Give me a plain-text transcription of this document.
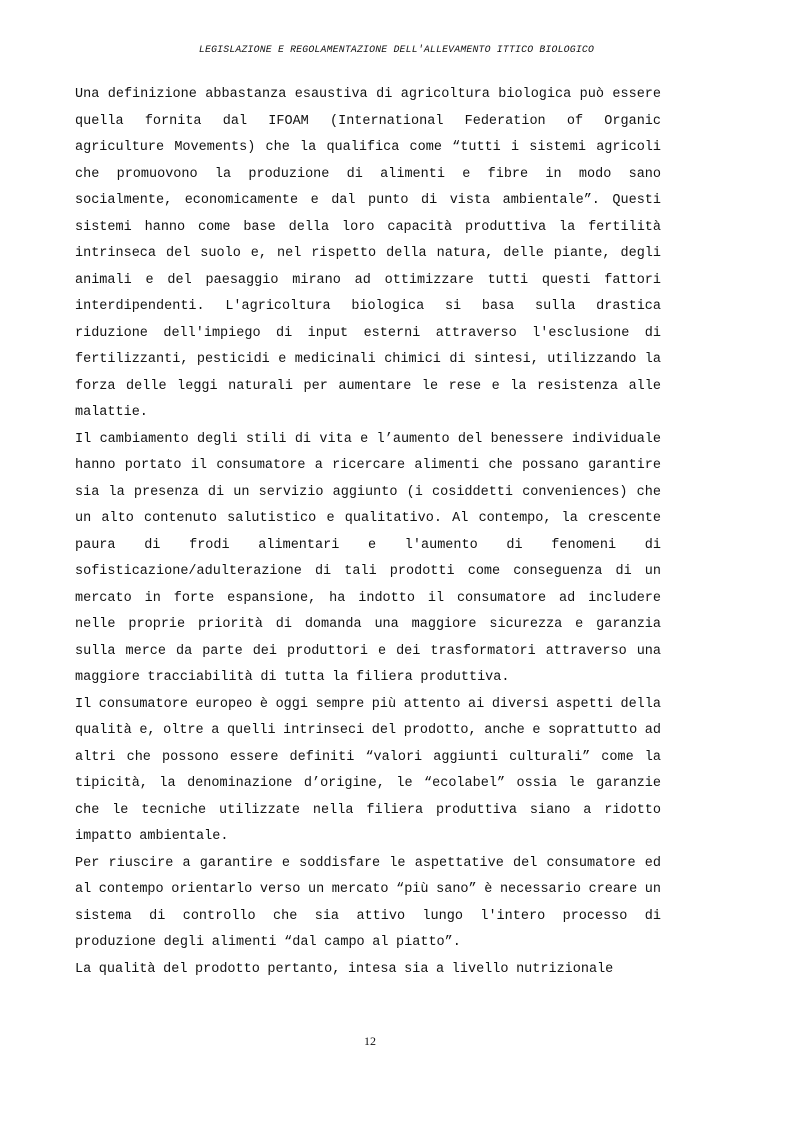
LEGISLAZIONE E REGOLAMENTAZIONE DELL'ALLEVAMENTO ITTICO BIOLOGICO

Una definizione abbastanza esaustiva di agricoltura biologica può essere quella fornita dal IFOAM (International Federation of Organic agriculture Movements) che la qualifica come “tutti i sistemi agricoli che promuovono la produzione di alimenti e fibre in modo sano socialmente, economicamente e dal punto di vista ambientale”. Questi sistemi hanno come base della loro capacità produttiva la fertilità intrinseca del suolo e, nel rispetto della natura, delle piante, degli animali e del paesaggio mirano ad ottimizzare tutti questi fattori interdipendenti. L'agricoltura biologica si basa sulla drastica riduzione dell'impiego di input esterni attraverso l'esclusione di fertilizzanti, pesticidi e medicinali chimici di sintesi, utilizzando la forza delle leggi naturali per aumentare le rese e la resistenza alle malattie.

Il cambiamento degli stili di vita e l’aumento del benessere individuale hanno portato il consumatore a ricercare alimenti che possano garantire sia la presenza di un servizio aggiunto (i cosiddetti conveniences) che un alto contenuto salutistico e qualitativo. Al contempo, la crescente paura di frodi alimentari e l'aumento di fenomeni di sofisticazione/adulterazione di tali prodotti come conseguenza di un mercato in forte espansione, ha indotto il consumatore ad includere nelle proprie priorità di domanda una maggiore sicurezza e garanzia sulla merce da parte dei produttori e dei trasformatori attraverso una maggiore tracciabilità di tutta la filiera produttiva.

Il consumatore europeo è oggi sempre più attento ai diversi aspetti della qualità e, oltre a quelli intrinseci del prodotto, anche e soprattutto ad altri che possono essere definiti “valori aggiunti culturali” come la tipicità, la denominazione d’origine, le “ecolabel” ossia le garanzie che le tecniche utilizzate nella filiera produttiva siano a ridotto impatto ambientale.

Per riuscire a garantire e soddisfare le aspettative del consumatore ed al contempo orientarlo verso un mercato “più sano” è necessario creare un sistema di controllo che sia attivo lungo l'intero processo di produzione degli alimenti “dal campo al piatto”.

La qualità del prodotto pertanto, intesa sia a livello nutrizionale

12
